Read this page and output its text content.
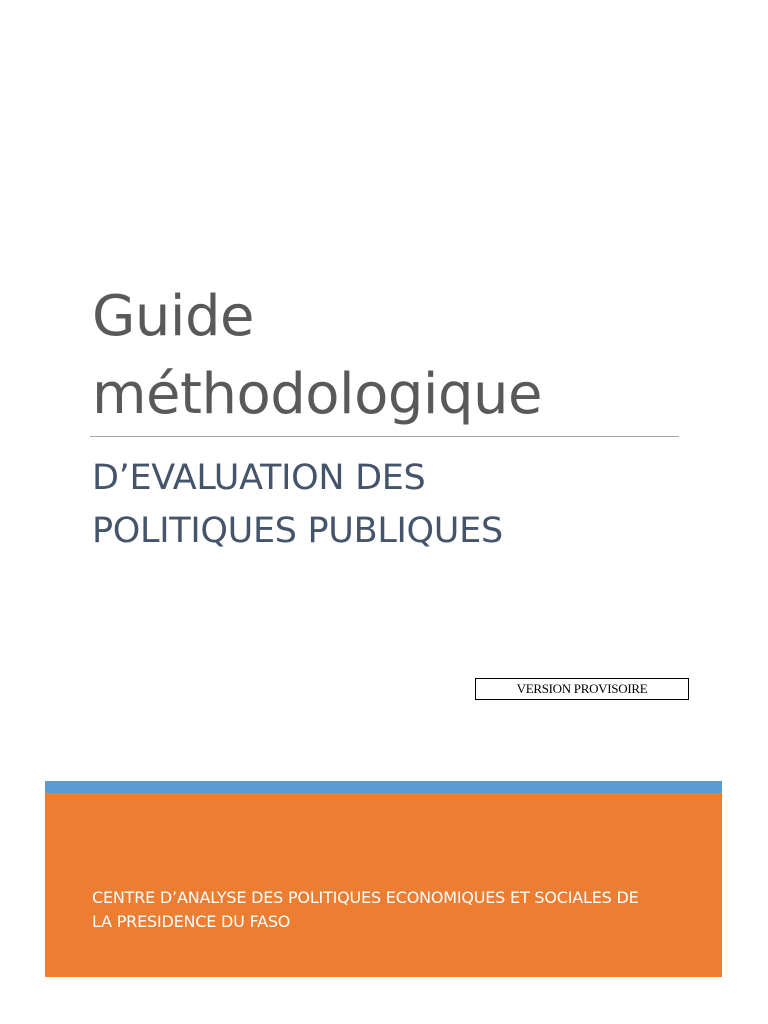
Guide
méthodologique
D’EVALUATION DES
POLITIQUES PUBLIQUES
VERSION PROVISOIRE

CENTRE D’ANALYSE DES POLITIQUES ECONOMIQUES ET SOCIALES DE
LA PRESIDENCE DU FASO
